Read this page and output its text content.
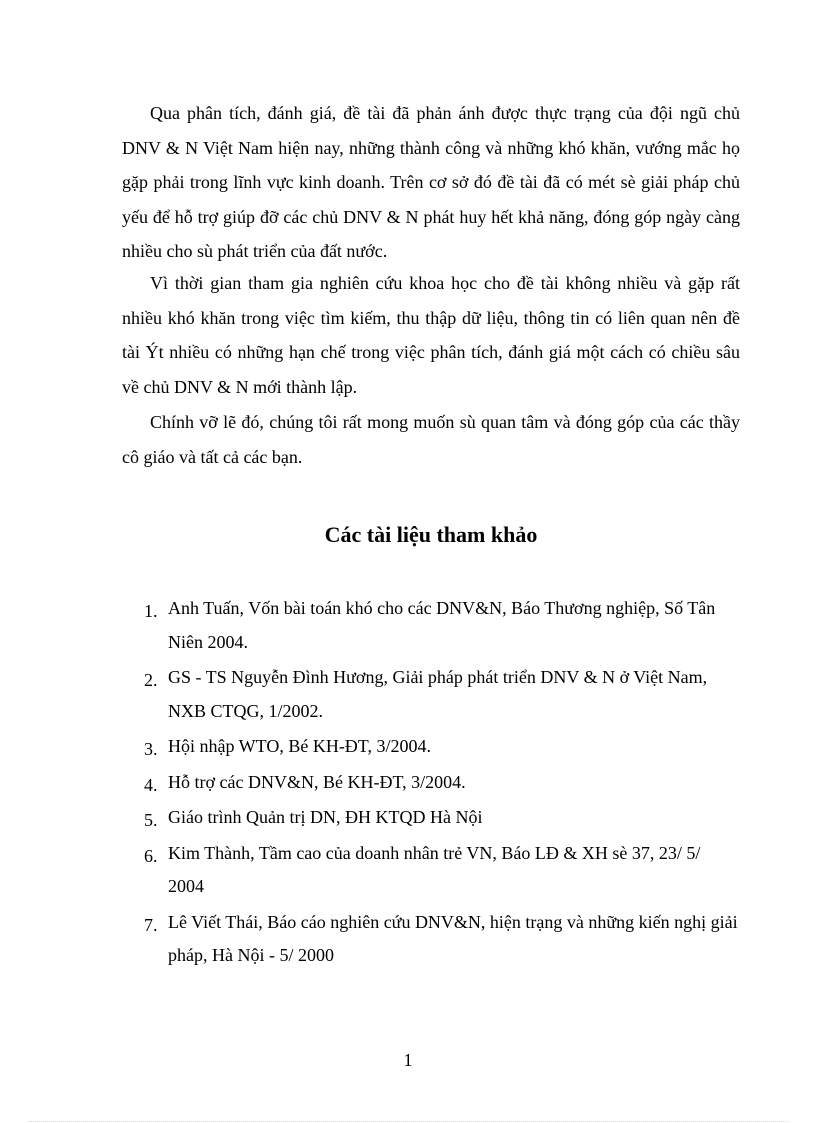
Qua phân tích, đánh giá, đề tài đã phản ánh được thực trạng của đội ngũ chủ DNV & N Việt Nam hiện nay, những thành công và những khó khăn, vướng mắc họ gặp phải trong lĩnh vực kinh doanh. Trên cơ sở đó đề tài đã có mét sè giải pháp chủ yếu để hỗ trợ giúp đỡ các chủ DNV & N phát huy hết khả năng, đóng góp ngày càng nhiều cho sù phát triển của đất nước.

Vì thời gian tham gia nghiên cứu khoa học cho đề tài không nhiều và gặp rất nhiều khó khăn trong việc tìm kiếm, thu thập dữ liệu, thông tin có liên quan nên đề tài Ýt nhiều có những hạn chế trong việc phân tích, đánh giá một cách có chiều sâu về chủ DNV & N mới thành lập.

Chính vỡ lẽ đó, chúng tôi rất mong muốn sù quan tâm và đóng góp của các thầy cô giáo và tất cả các bạn.

Các tài liệu tham khảo
1. Anh Tuấn, Vốn bài toán khó cho các DNV&N, Báo Thương nghiệp, Số Tân Niên 2004.
2. GS - TS Nguyễn Đình Hương, Giải pháp phát triển DNV & N ở Việt Nam, NXB CTQG, 1/2002.
3. Hội nhập WTO, Bé KH-ĐT, 3/2004.
4. Hỗ trợ các DNV&N, Bé KH-ĐT, 3/2004.
5. Giáo trình Quản trị DN, ĐH KTQD Hà Nội
6. Kim Thành, Tầm cao của doanh nhân trẻ VN, Báo LĐ & XH sè 37, 23/ 5/ 2004
7. Lê Viết Thái, Báo cáo nghiên cứu DNV&N, hiện trạng và những kiến nghị giải pháp, Hà Nội - 5/ 2000
1
